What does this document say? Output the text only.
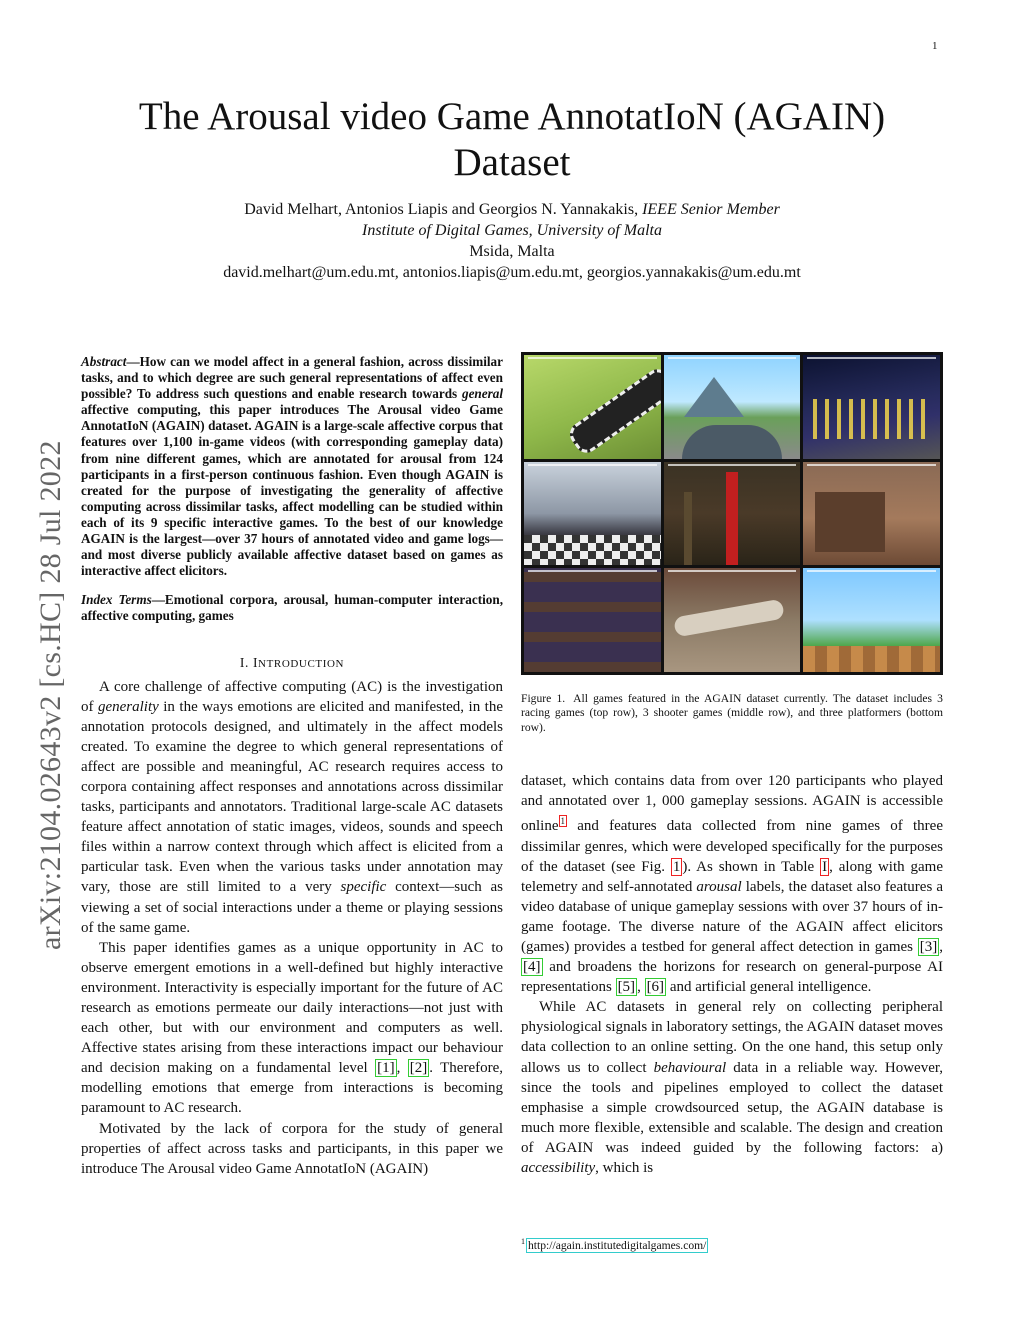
1
arXiv:2104.02643v2 [cs.HC] 28 Jul 2022
The Arousal video Game AnnotatIoN (AGAIN)
Dataset
David Melhart, Antonios Liapis and Georgios N. Yannakakis, IEEE Senior Member
Institute of Digital Games, University of Malta
Msida, Malta
david.melhart@um.edu.mt, antonios.liapis@um.edu.mt, georgios.yannakakis@um.edu.mt

Abstract—How can we model affect in a general fashion, across dissimilar tasks, and to which degree are such general representations of affect even possible? To address such questions and enable research towards general affective computing, this paper introduces The Arousal video Game AnnotatIoN (AGAIN) dataset. AGAIN is a large-scale affective corpus that features over 1,100 in-game videos (with corresponding gameplay data) from nine different games, which are annotated for arousal from 124 participants in a first-person continuous fashion. Even though AGAIN is created for the purpose of investigating the generality of affective computing across dissimilar tasks, affect modelling can be studied within each of its 9 specific interactive games. To the best of our knowledge AGAIN is the largest—over 37 hours of annotated video and game logs—and most diverse publicly available affective dataset based on games as interactive affect elicitors.

Index Terms—Emotional corpora, arousal, human-computer interaction, affective computing, games

I. INTRODUCTION

A core challenge of affective computing (AC) is the investigation of generality in the ways emotions are elicited and manifested, in the annotation protocols designed, and ultimately in the affect models created. To examine the degree to which general representations of affect are possible and meaningful, AC research requires access to corpora containing affect responses and annotations across dissimilar tasks, participants and annotators. Traditional large-scale AC datasets feature affect annotation of static images, videos, sounds and speech files within a narrow context through which affect is elicited from a particular task. Even when the various tasks under annotation may vary, those are still limited to a very specific context—such as viewing a set of social interactions under a theme or playing sessions of the same game.

This paper identifies games as a unique opportunity in AC to observe emergent emotions in a well-defined but highly interactive environment. Interactivity is especially important for the future of AC research as emotions permeate our daily interactions—not just with each other, but with our environment and computers as well. Affective states arising from these interactions impact our behaviour and decision making on a fundamental level [1] , [2] . Therefore, modelling emotions that emerge from interactions is becoming paramount to AC research.

Motivated by the lack of corpora for the study of general properties of affect across tasks and participants, in this paper we introduce The Arousal video Game AnnotatIoN (AGAIN)

Figure 1. All games featured in the AGAIN dataset currently. The dataset includes 3 racing games (top row), 3 shooter games (middle row), and three platformers (bottom row).

dataset, which contains data from over 120 participants who played and annotated over 1, 000 gameplay sessions. AGAIN is accessible online $^1$ and features data collected from nine games of three dissimilar genres, which were developed specifically for the purposes of the dataset (see Fig. 1 ). As shown in Table I , along with game telemetry and self-annotated arousal labels, the dataset also features a video database of unique gameplay sessions with over 37 hours of in-game footage. The diverse nature of the AGAIN affect elicitors (games) provides a testbed for general affect detection in games [3] , [4] and broadens the horizons for research on general-purpose AI representations [5] , [6] and artificial general intelligence.

While AC datasets in general rely on collecting peripheral physiological signals in laboratory settings, the AGAIN dataset moves data collection to an online setting. On the one hand, this setup only allows us to collect behavioural data in a reliable way. However, since the tools and pipelines employed to collect the dataset emphasise a simple crowdsourced setup, the AGAIN database is much more flexible, extensible and scalable. The design and creation of AGAIN was indeed guided by the following factors: a) accessibility, which is

$^1$ http://again.institutedigitalgames.com/
